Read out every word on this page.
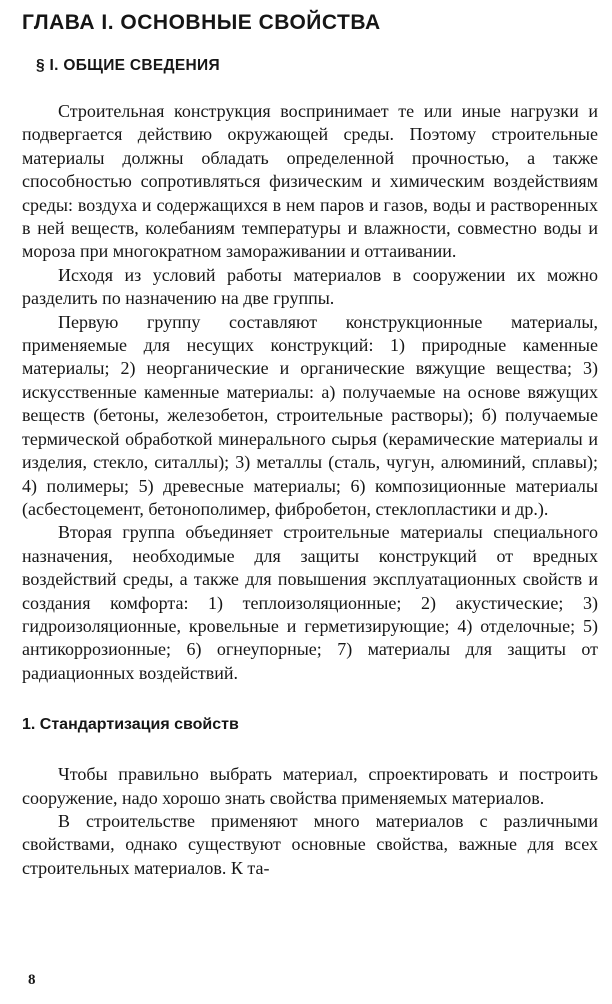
ГЛАВА I. ОСНОВНЫЕ СВОЙСТВА
§ I. ОБЩИЕ СВЕДЕНИЯ

Строительная конструкция воспринимает те или иные нагрузки и подвергается действию окружающей среды. Поэтому строительные материалы должны обладать определенной прочностью, а также способностью сопротивляться физическим и химическим воздействиям среды: воздуха и содержащихся в нем паров и газов, воды и растворенных в ней веществ, колебаниям температуры и влажности, совместно воды и мороза при многократном замораживании и оттаивании.

Исходя из условий работы материалов в сооружении их можно разделить по назначению на две группы.

Первую группу составляют конструкционные материалы, применяемые для несущих конструкций: 1) природные каменные материалы; 2) неорганические и органические вяжущие вещества; 3) искусственные каменные материалы: а) получаемые на основе вяжущих веществ (бетоны, железобетон, строительные растворы); б) получаемые термической обработкой минерального сырья (керамические материалы и изделия, стекло, ситаллы); 3) металлы (сталь, чугун, алюминий, сплавы); 4) полимеры; 5) древесные материалы; 6) композиционные материалы (асбестоцемент, бетонополимер, фибробетон, стеклопластики и др.).

Вторая группа объединяет строительные материалы специального назначения, необходимые для защиты конструкций от вредных воздействий среды, а также для повышения эксплуатационных свойств и создания комфорта: 1) теплоизоляционные; 2) акустические; 3) гидроизоляционные, кровельные и герметизирующие; 4) отделочные; 5) антикоррозионные; 6) огнеупорные; 7) материалы для защиты от радиационных воздействий.

1. Стандартизация свойств

Чтобы правильно выбрать материал, спроектировать и построить сооружение, надо хорошо знать свойства применяемых материалов.

В строительстве применяют много материалов с различными свойствами, однако существуют основные свойства, важные для всех строительных материалов. К та-

8
